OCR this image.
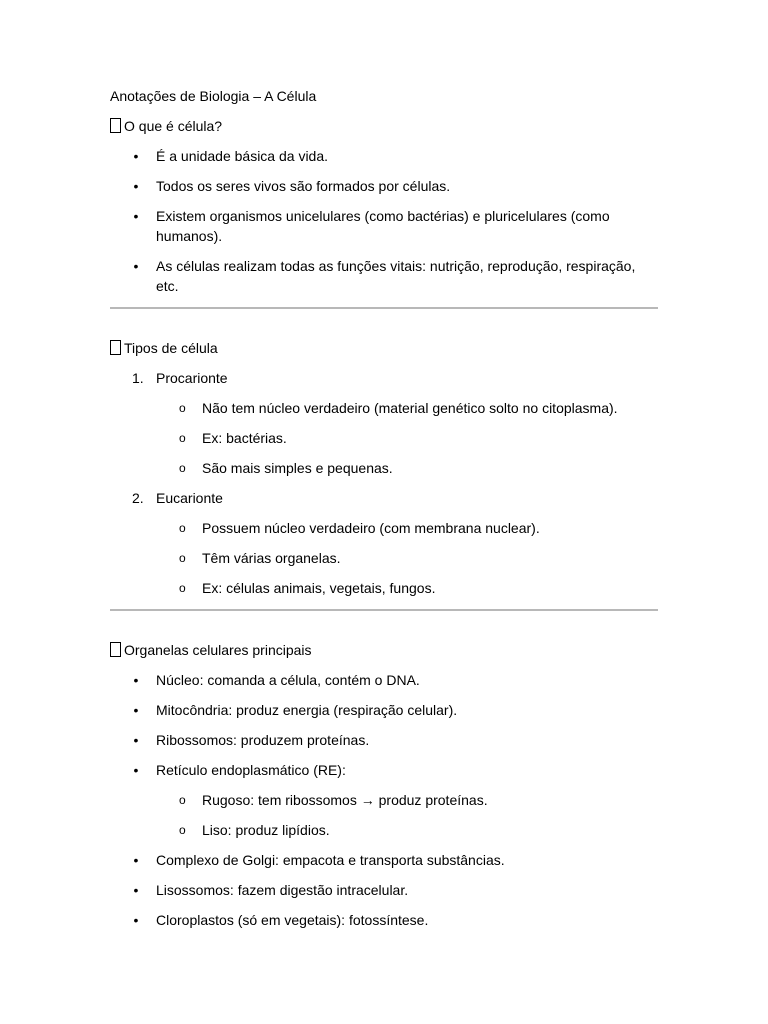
Anotações de Biologia – A Célula
O que é célula?
• É a unidade básica da vida.
• Todos os seres vivos são formados por células.
• Existem organismos unicelulares (como bactérias) e pluricelulares (como humanos).
• As células realizam todas as funções vitais: nutrição, reprodução, respiração, etc.
Tipos de célula
1. Procarionte
o Não tem núcleo verdadeiro (material genético solto no citoplasma).
o Ex: bactérias.
o São mais simples e pequenas.
2. Eucarionte
o Possuem núcleo verdadeiro (com membrana nuclear).
o Têm várias organelas.
o Ex: células animais, vegetais, fungos.
Organelas celulares principais
• Núcleo: comanda a célula, contém o DNA.
• Mitocôndria: produz energia (respiração celular).
• Ribossomos: produzem proteínas.
• Retículo endoplasmático (RE):
o Rugoso: tem ribossomos → produz proteínas.
o Liso: produz lipídios.
• Complexo de Golgi: empacota e transporta substâncias.
• Lisossomos: fazem digestão intracelular.
• Cloroplastos (só em vegetais): fotossíntese.
